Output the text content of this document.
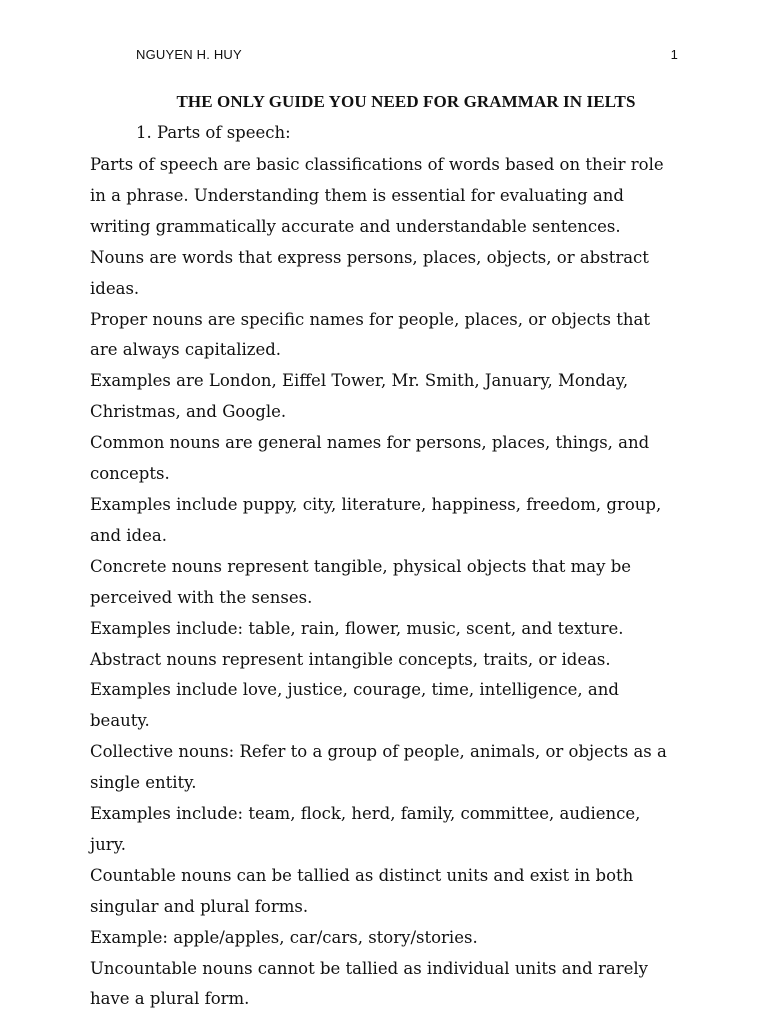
NGUYEN H. HUY	1
THE ONLY GUIDE YOU NEED FOR GRAMMAR IN IELTS
1. Parts of speech:

Parts of speech are basic classifications of words based on their role in a phrase. Understanding them is essential for evaluating and writing grammatically accurate and understandable sentences.

Nouns are words that express persons, places, objects, or abstract ideas.

Proper nouns are specific names for people, places, or objects that are always capitalized.

Examples are London, Eiffel Tower, Mr. Smith, January, Monday, Christmas, and Google.

Common nouns are general names for persons, places, things, and concepts.

Examples include puppy, city, literature, happiness, freedom, group, and idea.

Concrete nouns represent tangible, physical objects that may be perceived with the senses.

Examples include: table, rain, flower, music, scent, and texture.

Abstract nouns represent intangible concepts, traits, or ideas.

Examples include love, justice, courage, time, intelligence, and beauty.

Collective nouns: Refer to a group of people, animals, or objects as a single entity.

Examples include: team, flock, herd, family, committee, audience, jury.

Countable nouns can be tallied as distinct units and exist in both singular and plural forms.

Example: apple/apples, car/cars, story/stories.

Uncountable nouns cannot be tallied as individual units and rarely have a plural form.
